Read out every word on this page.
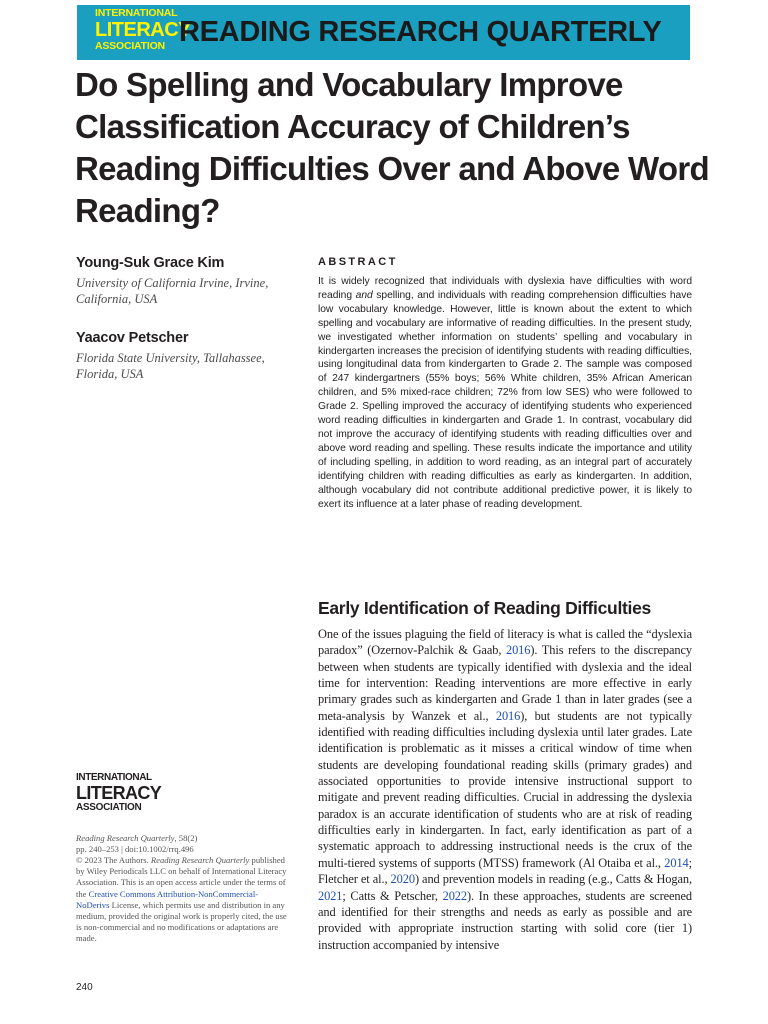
INTERNATIONAL
LITERACY
ASSOCIATION READING RESEARCH QUARTERLY
Do Spelling and Vocabulary Improve Classification Accuracy of Children’s Reading Difficulties Over and Above Word Reading?
Young-Suk Grace Kim
University of California Irvine, Irvine, California, USA
Yaacov Petscher
Florida State University, Tallahassee, Florida, USA
ABSTRACT
It is widely recognized that individuals with dyslexia have difficulties with word reading and spelling, and individuals with reading comprehension difficulties have low vocabulary knowledge. However, little is known about the extent to which spelling and vocabulary are informative of reading difficulties. In the present study, we investigated whether information on students’ spelling and vocabulary in kindergarten increases the precision of identifying students with reading difficulties, using longitudinal data from kindergarten to Grade 2. The sample was composed of 247 kindergartners (55% boys; 56% White children, 35% African American children, and 5% mixed-race children; 72% from low SES) who were followed to Grade 2. Spelling improved the accuracy of identifying students who experienced word reading difficulties in kindergarten and Grade 1. In contrast, vocabulary did not improve the accuracy of identifying students with reading difficulties over and above word reading and spelling. These results indicate the importance and utility of including spelling, in addition to word reading, as an integral part of accurately identifying children with reading difficulties as early as kindergarten. In addition, although vocabulary did not contribute additional predictive power, it is likely to exert its influence at a later phase of reading development.
Early Identification of Reading Difficulties
One of the issues plaguing the field of literacy is what is called the “dyslexia paradox” (Ozernov-Palchik & Gaab, 2016). This refers to the discrepancy between when students are typically identified with dyslexia and the ideal time for intervention: Reading interventions are more effective in early primary grades such as kindergarten and Grade 1 than in later grades (see a meta-analysis by Wanzek et al., 2016), but students are not typically identified with reading difficulties including dyslexia until later grades. Late identification is problematic as it misses a critical window of time when students are developing foundational reading skills (primary grades) and associated opportunities to provide intensive instructional support to mitigate and prevent reading difficulties. Crucial in addressing the dyslexia paradox is an accurate identification of students who are at risk of reading difficulties early in kindergarten. In fact, early identification as part of a systematic approach to addressing instructional needs is the crux of the multi-tiered systems of supports (MTSS) framework (Al Otaiba et al., 2014; Fletcher et al., 2020) and prevention models in reading (e.g., Catts & Hogan, 2021; Catts & Petscher, 2022). In these approaches, students are screened and identified for their strengths and needs as early as possible and are provided with appropriate instruction starting with solid core (tier 1) instruction accompanied by intensive
INTERNATIONAL
LITERACY
ASSOCIATION
Reading Research Quarterly, 58(2)
pp. 240–253 | doi:10.1002/rrq.496
© 2023 The Authors. Reading Research Quarterly published by Wiley Periodicals LLC on behalf of International Literacy Association. This is an open access article under the terms of the Creative Commons Attribution-NonCommercial-NoDerivs License, which permits use and distribution in any medium, provided the original work is properly cited, the use is non-commercial and no modifications or adaptations are made.
240
